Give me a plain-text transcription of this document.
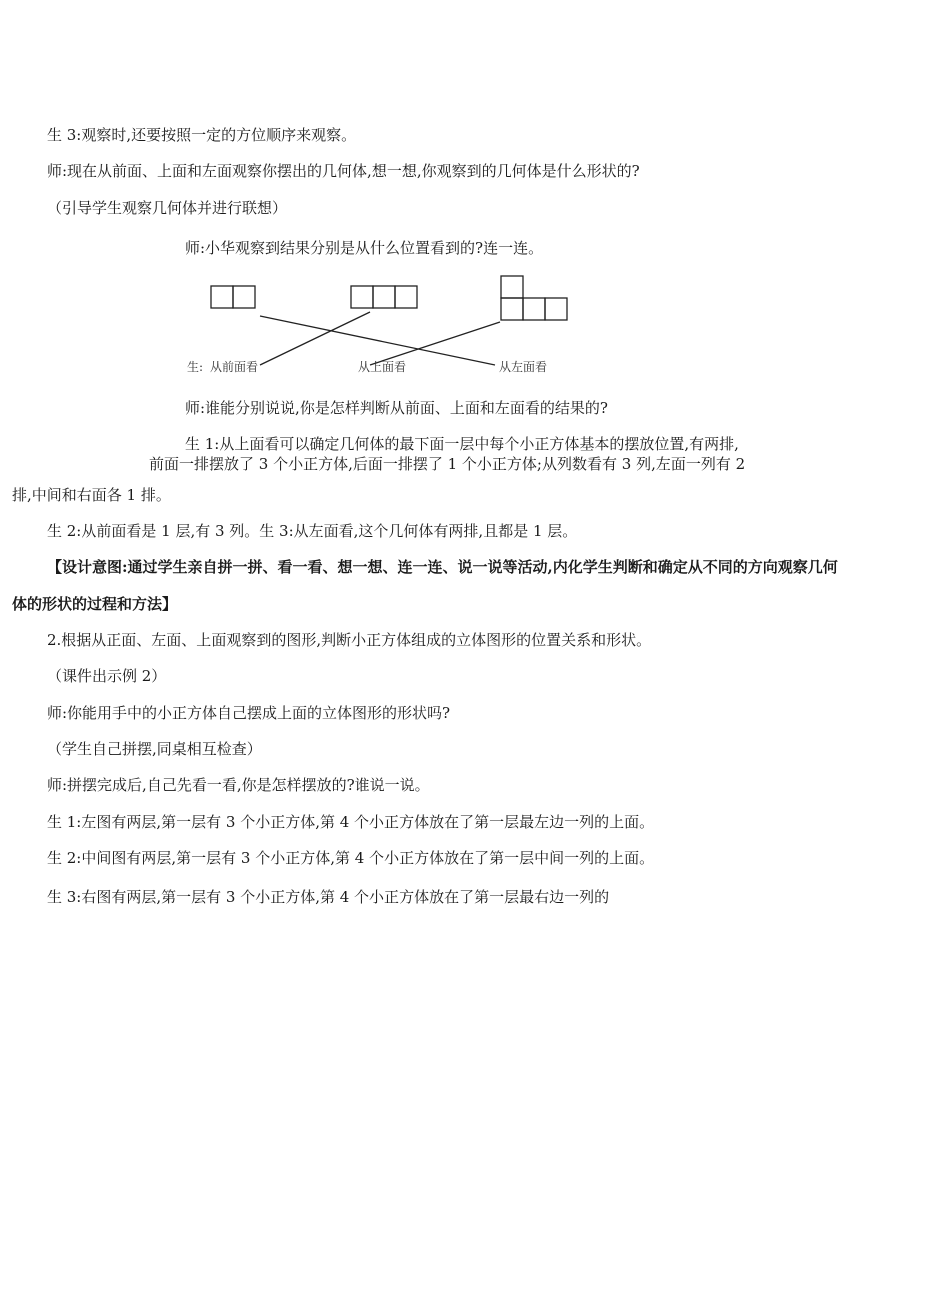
生 3:观察时,还要按照一定的方位顺序来观察。
师:现在从前面、上面和左面观察你摆出的几何体,想一想,你观察到的几何体是什么形状的?
（引导学生观察几何体并进行联想）
师:小华观察到结果分别是从什么位置看到的?连一连。
生: 从前面看	从上面看	从左面看
师:谁能分别说说,你是怎样判断从前面、上面和左面看的结果的?
生 1:从上面看可以确定几何体的最下面一层中每个小正方体基本的摆放位置,有两排,
前面一排摆放了 3 个小正方体,后面一排摆了 1 个小正方体;从列数看有 3 列,左面一列有 2
排,中间和右面各 1 排。
生 2:从前面看是 1 层,有 3 列。生 3:从左面看,这个几何体有两排,且都是 1 层。
【设计意图:通过学生亲自拼一拼、看一看、想一想、连一连、说一说等活动,内化学生判断和确定从不同的方向观察几何
体的形状的过程和方法】
2.根据从正面、左面、上面观察到的图形,判断小正方体组成的立体图形的位置关系和形状。
（课件出示例 2）
师:你能用手中的小正方体自己摆成上面的立体图形的形状吗?
（学生自己拼摆,同桌相互检查）
师:拼摆完成后,自己先看一看,你是怎样摆放的?谁说一说。
生 1:左图有两层,第一层有 3 个小正方体,第 4 个小正方体放在了第一层最左边一列的上面。
生 2:中间图有两层,第一层有 3 个小正方体,第 4 个小正方体放在了第一层中间一列的上面。
生 3:右图有两层,第一层有 3 个小正方体,第 4 个小正方体放在了第一层最右边一列的
